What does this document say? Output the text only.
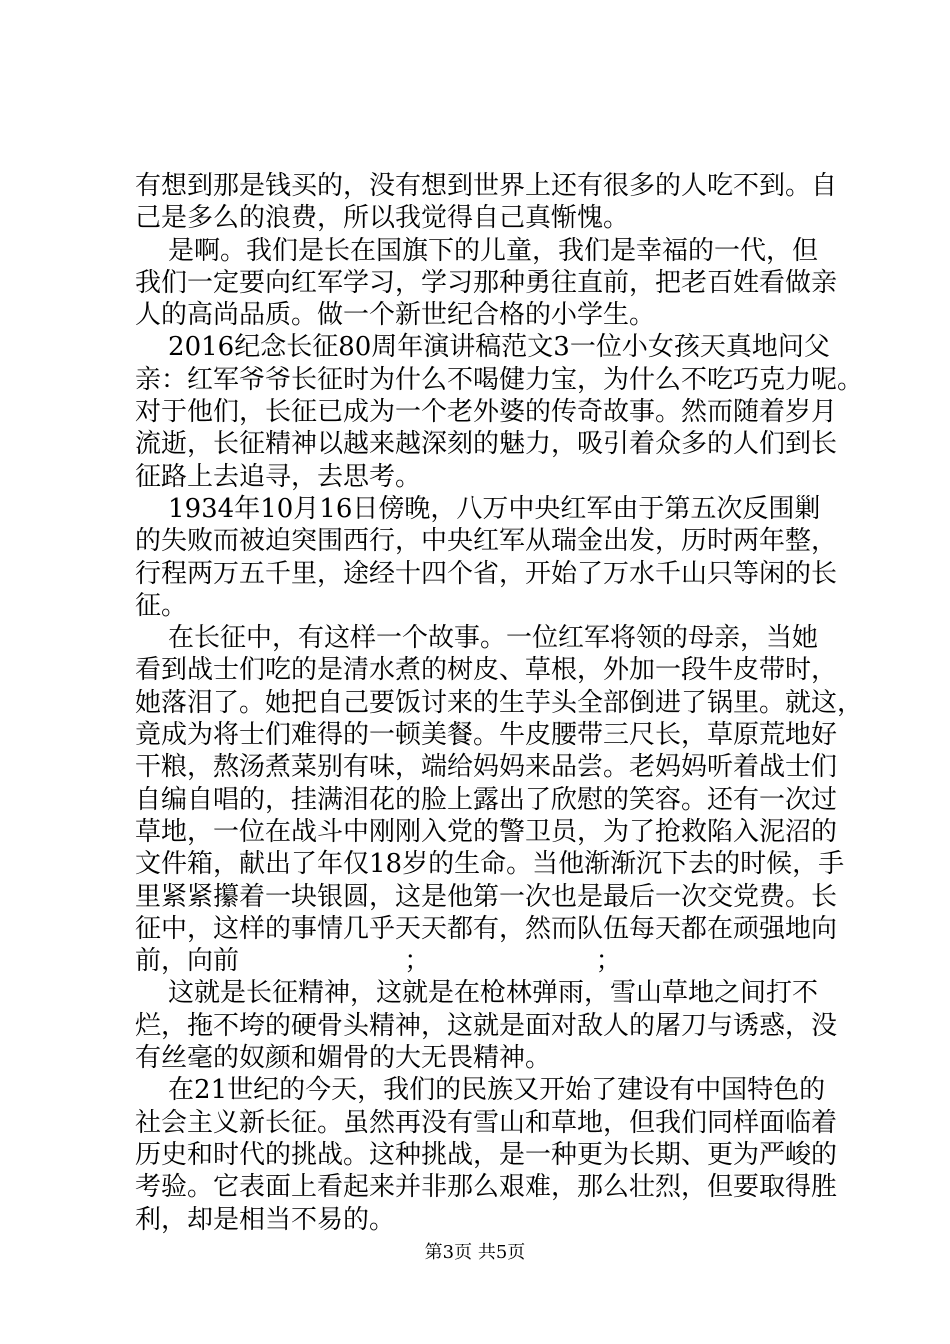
有想到那是钱买的，没有想到世界上还有很多的人吃不到。自
己是多么的浪费，所以我觉得自己真惭愧。
是啊。我们是长在国旗下的儿童，我们是幸福的一代，但
我们一定要向红军学习，学习那种勇往直前，把老百姓看做亲
人的高尚品质。做一个新世纪合格的小学生。
2016纪念长征80周年演讲稿范文3一位小女孩天真地问父
亲：红军爷爷长征时为什么不喝健力宝，为什么不吃巧克力呢。
对于他们，长征已成为一个老外婆的传奇故事。然而随着岁月
流逝，长征精神以越来越深刻的魅力，吸引着众多的人们到长
征路上去追寻，去思考。
1934年10月16日傍晚，八万中央红军由于第五次反围剿
的失败而被迫突围西行，中央红军从瑞金出发，历时两年整，
行程两万五千里，途经十四个省，开始了万水千山只等闲的长
征。
在长征中，有这样一个故事。一位红军将领的母亲，当她
看到战士们吃的是清水煮的树皮、草根，外加一段牛皮带时，
她落泪了。她把自己要饭讨来的生芋头全部倒进了锅里。就这，
竟成为将士们难得的一顿美餐。牛皮腰带三尺长，草原荒地好
干粮，熬汤煮菜别有味，端给妈妈来品尝。老妈妈听着战士们
自编自唱的，挂满泪花的脸上露出了欣慰的笑容。还有一次过
草地，一位在战斗中刚刚入党的警卫员，为了抢救陷入泥沼的
文件箱，献出了年仅18岁的生命。当他渐渐沉下去的时候，手
里紧紧攥着一块银圆，这是他第一次也是最后一次交党费。长
征中，这样的事情几乎天天都有，然而队伍每天都在顽强地向
前，向前                    ；                    ；
这就是长征精神，这就是在枪林弹雨，雪山草地之间打不
烂，拖不垮的硬骨头精神，这就是面对敌人的屠刀与诱惑，没
有丝毫的奴颜和媚骨的大无畏精神。
在21世纪的今天，我们的民族又开始了建设有中国特色的
社会主义新长征。虽然再没有雪山和草地，但我们同样面临着
历史和时代的挑战。这种挑战，是一种更为长期、更为严峻的
考验。它表面上看起来并非那么艰难，那么壮烈，但要取得胜
利，却是相当不易的。
第3页 共5页
